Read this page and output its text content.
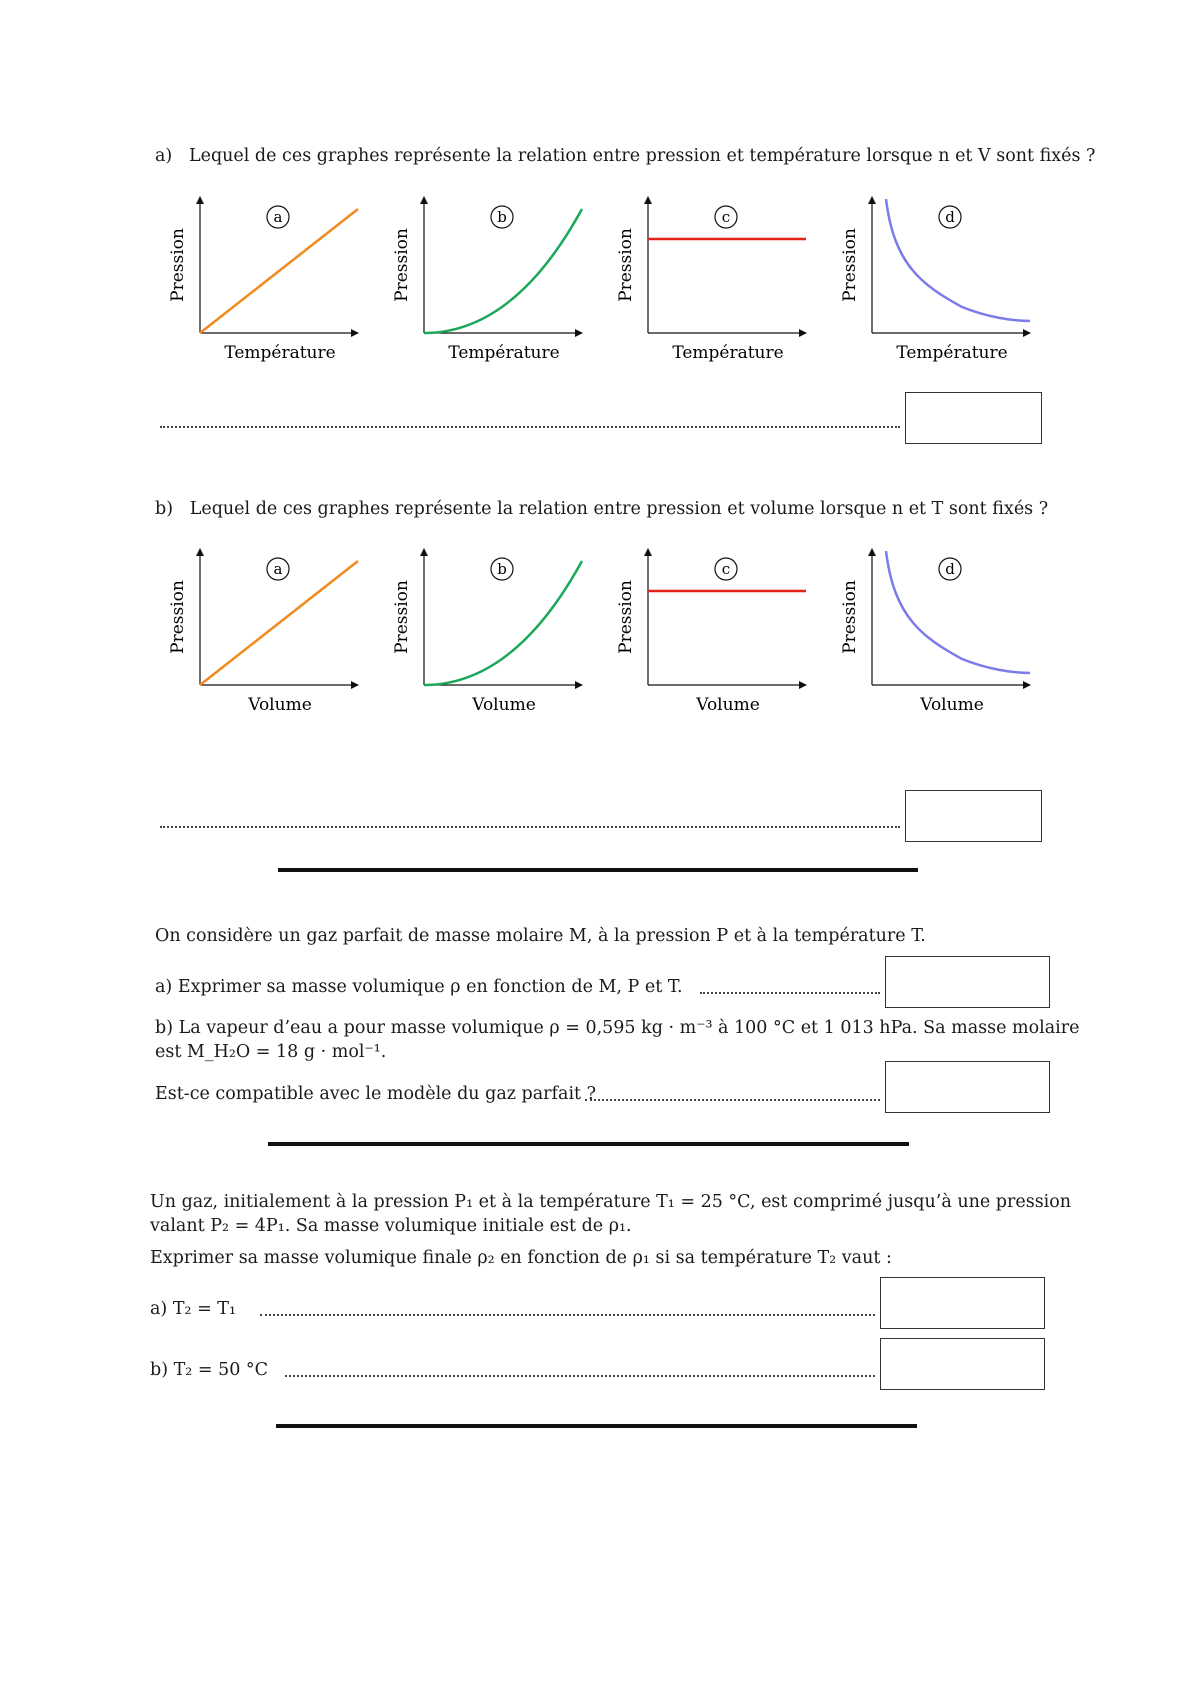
a) Lequel de ces graphes représente la relation entre pression et température lorsque n et V sont fixés ?
a
Température
Pression
b
Température
Pression
c
Température
Pression
d
Température
Pression
b) Lequel de ces graphes représente la relation entre pression et volume lorsque n et T sont fixés ?
a
Volume
Pression
b
Volume
Pression
c
Volume
Pression
d
Volume
Pression
On considère un gaz parfait de masse molaire M, à la pression P et à la température T.
a) Exprimer sa masse volumique ρ en fonction de M, P et T.
b) La vapeur d’eau a pour masse volumique ρ = 0,595 kg · m⁻³ à 100 °C et 1 013 hPa. Sa masse molaire
est M_H₂O = 18 g · mol⁻¹.
Est-ce compatible avec le modèle du gaz parfait ?
Un gaz, initialement à la pression P₁ et à la température T₁ = 25 °C, est comprimé jusqu’à une pression
valant P₂ = 4P₁. Sa masse volumique initiale est de ρ₁.
Exprimer sa masse volumique finale ρ₂ en fonction de ρ₁ si sa température T₂ vaut :
a) T₂ = T₁
b) T₂ = 50 °C
